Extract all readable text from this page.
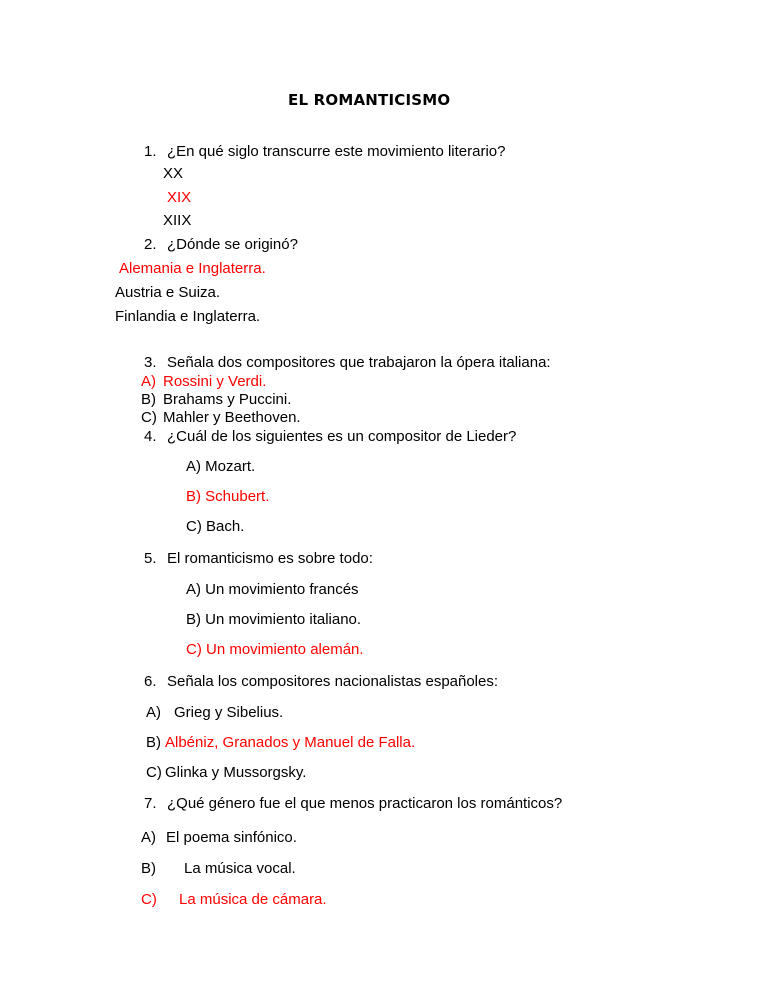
EL ROMANTICISMO
1. ¿En qué siglo transcurre este movimiento literario?
XX
XIX
XIIX
2. ¿Dónde se originó?
Alemania e Inglaterra.
Austria e Suiza.
Finlandia e Inglaterra.
3. Señala dos compositores que trabajaron la ópera italiana:
A) Rossini y Verdi.
B) Brahams y Puccini.
C) Mahler y Beethoven.
4. ¿Cuál de los siguientes es un compositor de Lieder?
A) Mozart.
B) Schubert.
C) Bach.
5. El romanticismo es sobre todo:
A) Un movimiento francés
B) Un movimiento italiano.
C) Un movimiento alemán.
6. Señala los compositores nacionalistas españoles:
A) Grieg y Sibelius.
B) Albéniz, Granados y Manuel de Falla.
C) Glinka y Mussorgsky.
7. ¿Qué género fue el que menos practicaron los románticos?
A) El poema sinfónico.
B) La música vocal.
C) La música de cámara.
